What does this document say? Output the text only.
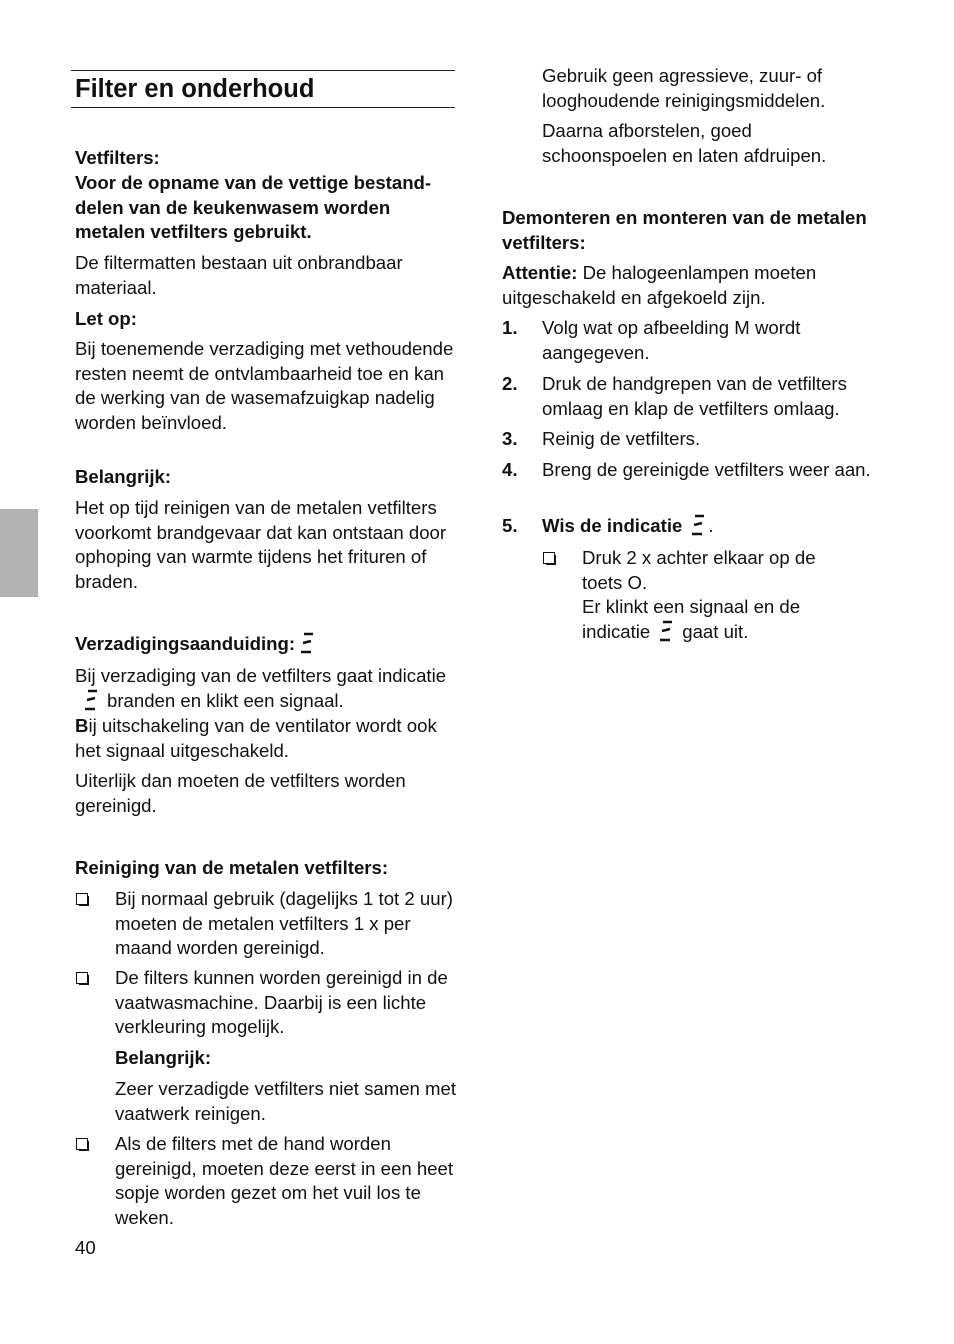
Filter en onderhoud

Vetfilters:

Voor de opname van de vettige bestand-delen van de keukenwasem worden metalen vetfilters gebruikt.

De filtermatten bestaan uit onbrandbaar materiaal.

Let op:

Bij toenemende verzadiging met vethoudende resten neemt de ontvlambaarheid toe en kan de werking van de wasemafzuigkap nadelig worden beïnvloed.

Belangrijk:

Het op tijd reinigen van de metalen vetfilters voorkomt brandgevaar dat kan ontstaan door ophoping van warmte tijdens het frituren of braden.

Verzadigingsaanduiding:

Bij verzadiging van de vetfilters gaat indicatiebranden en klikt een signaal.

Bij uitschakeling van de ventilator wordt ook het signaal uitgeschakeld.

Uiterlijk dan moeten de vetfilters worden gereinigd.

Reiniging van de metalen vetfilters:

Bij normaal gebruik (dagelijks 1 tot 2 uur) moeten de metalen vetfilters 1 x per maand worden gereinigd.

De filters kunnen worden gereinigd in de vaatwasmachine. Daarbij is een lichte verkleuring mogelijk.

Belangrijk:

Zeer verzadigde vetfilters niet samen met vaatwerk reinigen.

Als de filters met de hand worden gereinigd, moeten deze eerst in een heet sopje worden gezet om het vuil los te weken.

Gebruik geen agressieve, zuur- of looghoudende reinigingsmiddelen.

Daarna afborstelen, goed schoonspoelen en laten afdruipen.

Demonteren en monteren van de metalen vetfilters:

Attentie: De halogeenlampen moeten uitgeschakeld en afgekoeld zijn.

1.	Volg wat op afbeelding M wordt aangegeven.

2.	Druk de handgrepen van de vetfilters omlaag en klap de vetfilters omlaag.

3.	Reinig de vetfilters.

4.	Breng de gereinigde vetfilters weer aan.

5.	Wis de indicatie .

Druk 2 x achter elkaar op de toets O.

Er klinkt een signaal en de

indicatie gaat uit.

40
